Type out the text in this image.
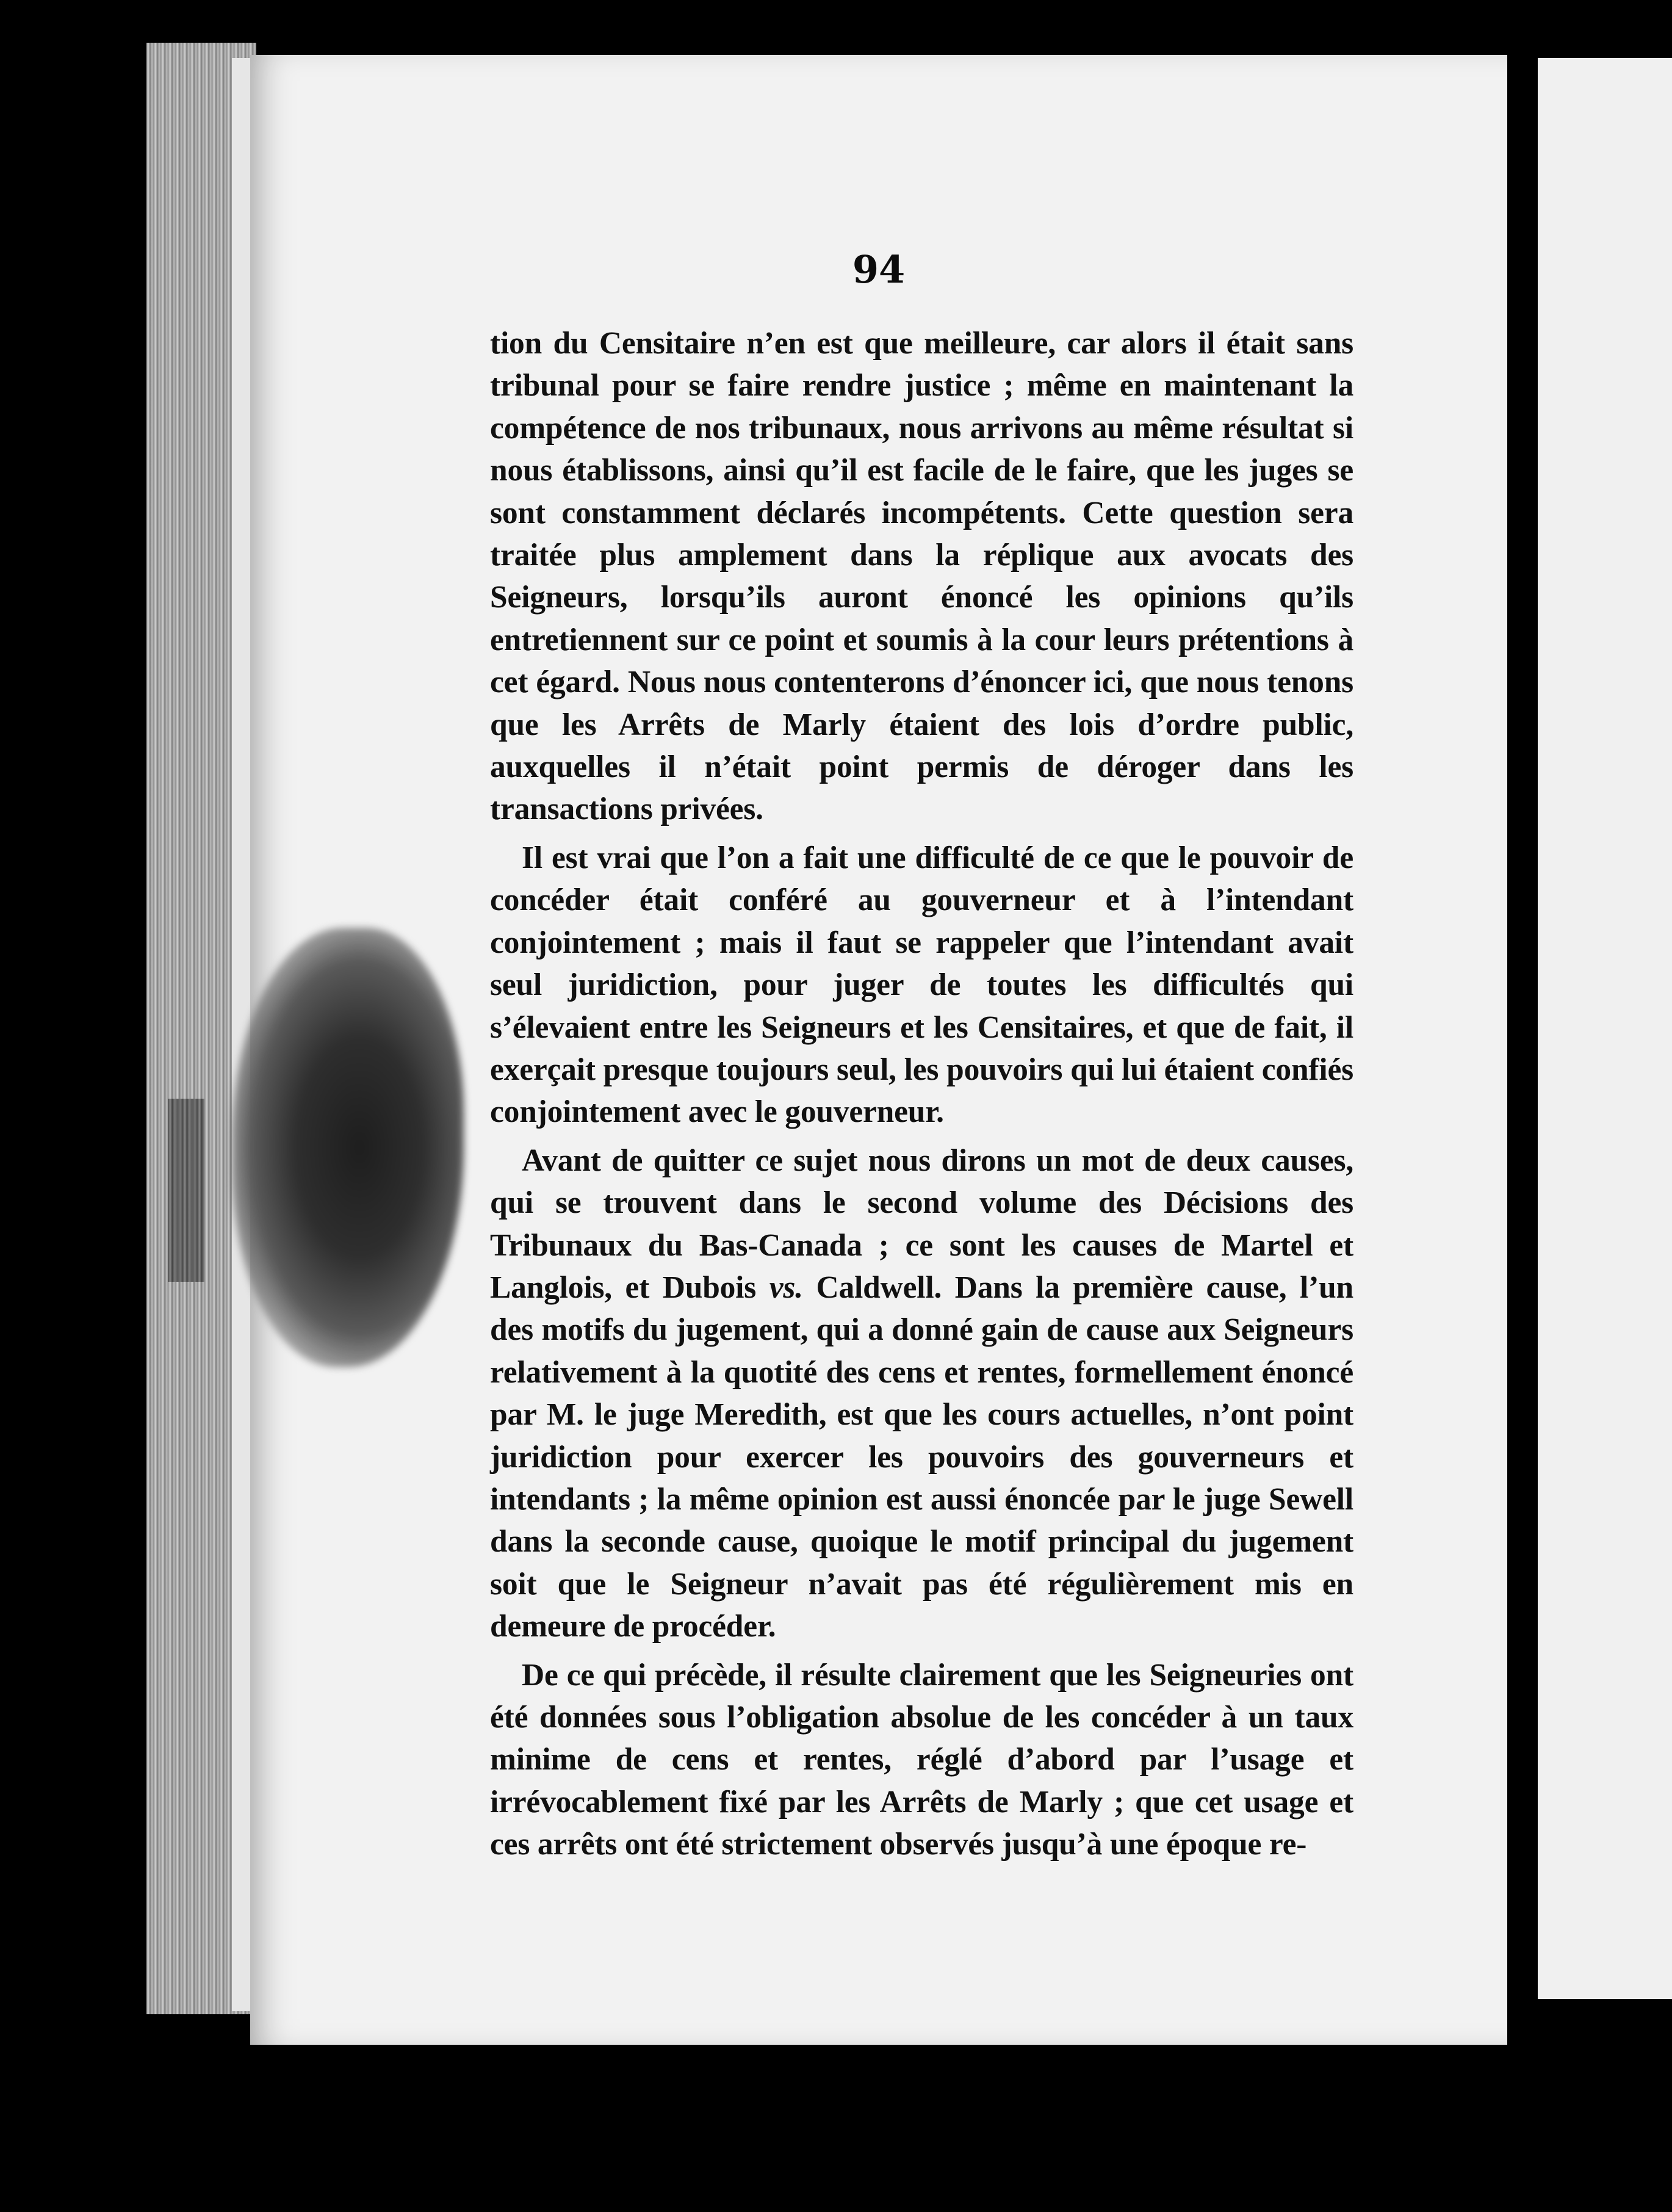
94

tion du Censitaire n’en est que meilleure, car alors il était sans tribunal pour se faire rendre justice ; même en maintenant la compétence de nos tribunaux, nous arrivons au même résultat si nous établissons, ainsi qu’il est facile de le faire, que les juges se sont constamment déclarés incompétents. Cette question sera traitée plus amplement dans la réplique aux avocats des Seigneurs, lorsqu’ils auront énoncé les opinions qu’ils entretiennent sur ce point et soumis à la cour leurs prétentions à cet égard. Nous nous contenterons d’énoncer ici, que nous tenons que les Arrêts de Marly étaient des lois d’ordre public, auxquelles il n’était point permis de déroger dans les transactions privées.

Il est vrai que l’on a fait une difficulté de ce que le pouvoir de concéder était conféré au gouverneur et à l’intendant conjointement ; mais il faut se rappeler que l’intendant avait seul juridiction, pour juger de toutes les difficultés qui s’élevaient entre les Seigneurs et les Censitaires, et que de fait, il exerçait presque toujours seul, les pouvoirs qui lui étaient confiés conjointement avec le gouverneur.

Avant de quitter ce sujet nous dirons un mot de deux causes, qui se trouvent dans le second volume des Décisions des Tribunaux du Bas-Canada ; ce sont les causes de Martel et Langlois, et Dubois vs. Caldwell. Dans la première cause, l’un des motifs du jugement, qui a donné gain de cause aux Seigneurs relativement à la quotité des cens et rentes, formellement énoncé par M. le juge Meredith, est que les cours actuelles, n’ont point juridiction pour exercer les pouvoirs des gouverneurs et intendants ; la même opinion est aussi énoncée par le juge Sewell dans la seconde cause, quoique le motif principal du jugement soit que le Seigneur n’avait pas été régulièrement mis en demeure de procéder.

De ce qui précède, il résulte clairement que les Seigneuries ont été données sous l’obligation absolue de les concéder à un taux minime de cens et rentes, réglé d’abord par l’usage et irrévocablement fixé par les Arrêts de Marly ; que cet usage et ces arrêts ont été strictement observés jusqu’à une époque re-
